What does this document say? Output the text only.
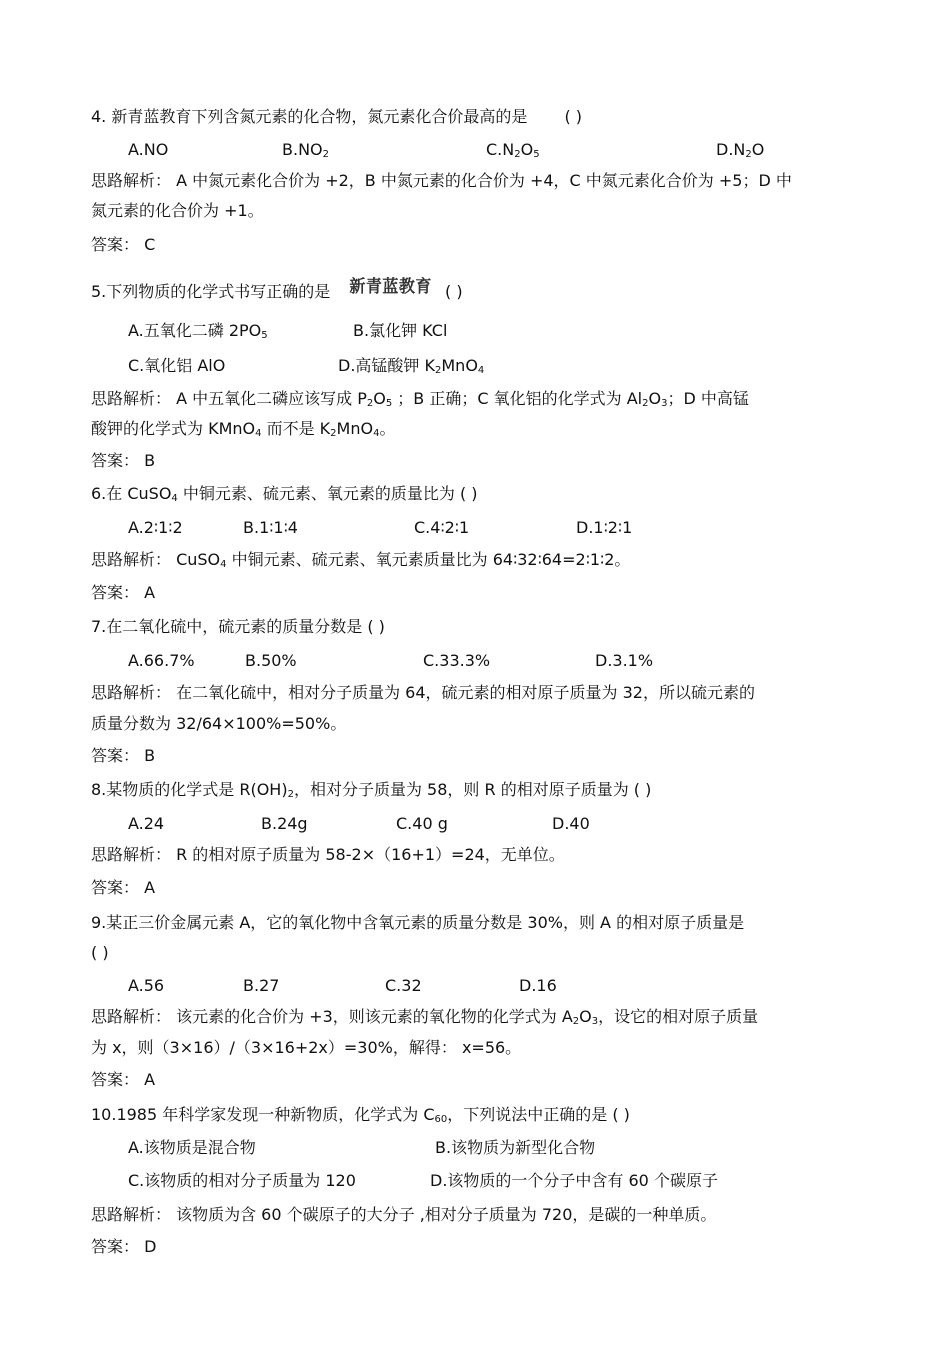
4. 新青蓝教育下列含氮元素的化合物，氮元素化合价最高的是 ( )
A.NO	$B.NO_2$	$C.N_2O_5$	$D.N_2O$
思路解析： A 中氮元素化合价为 +2，B 中氮元素的化合价为 +4，C 中氮元素化合价为 +5；D 中
氮元素的化合价为 +1。
答案： C
5.下列物质的化学式书写正确的是 新青蓝教育 ( )
A.五氧化二磷 $2PO_5$	B.氯化钾 KCl
C.氧化铝 AlO	D.高锰酸钾 $K_2MnO_4$
思路解析： A 中五氧化二磷应该写成 $P_2O_5$ ；B 正确；C 氧化铝的化学式为 $Al_2O_3$；D 中高锰
酸钾的化学式为 KMnO$_4$ 而不是 $K_2MnO_4$。
答案： B
6.在 CuSO$_4$ 中铜元素、硫元素、氧元素的质量比为 ( )
A.2∶1∶2	B.1∶1∶4	C.4∶2∶1	D.1∶2∶1
思路解析： CuSO$_4$ 中铜元素、硫元素、氧元素质量比为 64∶32∶64=2∶1∶2。
答案： A
7.在二氧化硫中，硫元素的质量分数是 ( )
A.66.7%	B.50%	C.33.3%	D.3.1%
思路解析： 在二氧化硫中，相对分子质量为 64，硫元素的相对原子质量为 32，所以硫元素的
质量分数为 32/64×100%=50%。
答案： B
8.某物质的化学式是 $R(OH)_2$，相对分子质量为 58，则 R 的相对原子质量为 ( )
A.24	B.24g	C.40 g	D.40
思路解析： R 的相对原子质量为 58-2×（16+1）=24，无单位。
答案： A
9.某正三价金属元素 A，它的氧化物中含氧元素的质量分数是 30%，则 A 的相对原子质量是
( )
A.56	B.27	C.32	D.16
思路解析： 该元素的化合价为 +3，则该元素的氧化物的化学式为 $A_2O_3$，设它的相对原子质量
为 x，则（3×16）/（3×16+2x）=30%，解得： x=56。
答案： A
10.1985 年科学家发现一种新物质，化学式为 $C_{60}$，下列说法中正确的是 ( )
A.该物质是混合物	B.该物质为新型化合物
C.该物质的相对分子质量为 120	D.该物质的一个分子中含有 60 个碳原子
思路解析： 该物质为含 60 个碳原子的大分子 ,相对分子质量为 720，是碳的一种单质。
答案： D
